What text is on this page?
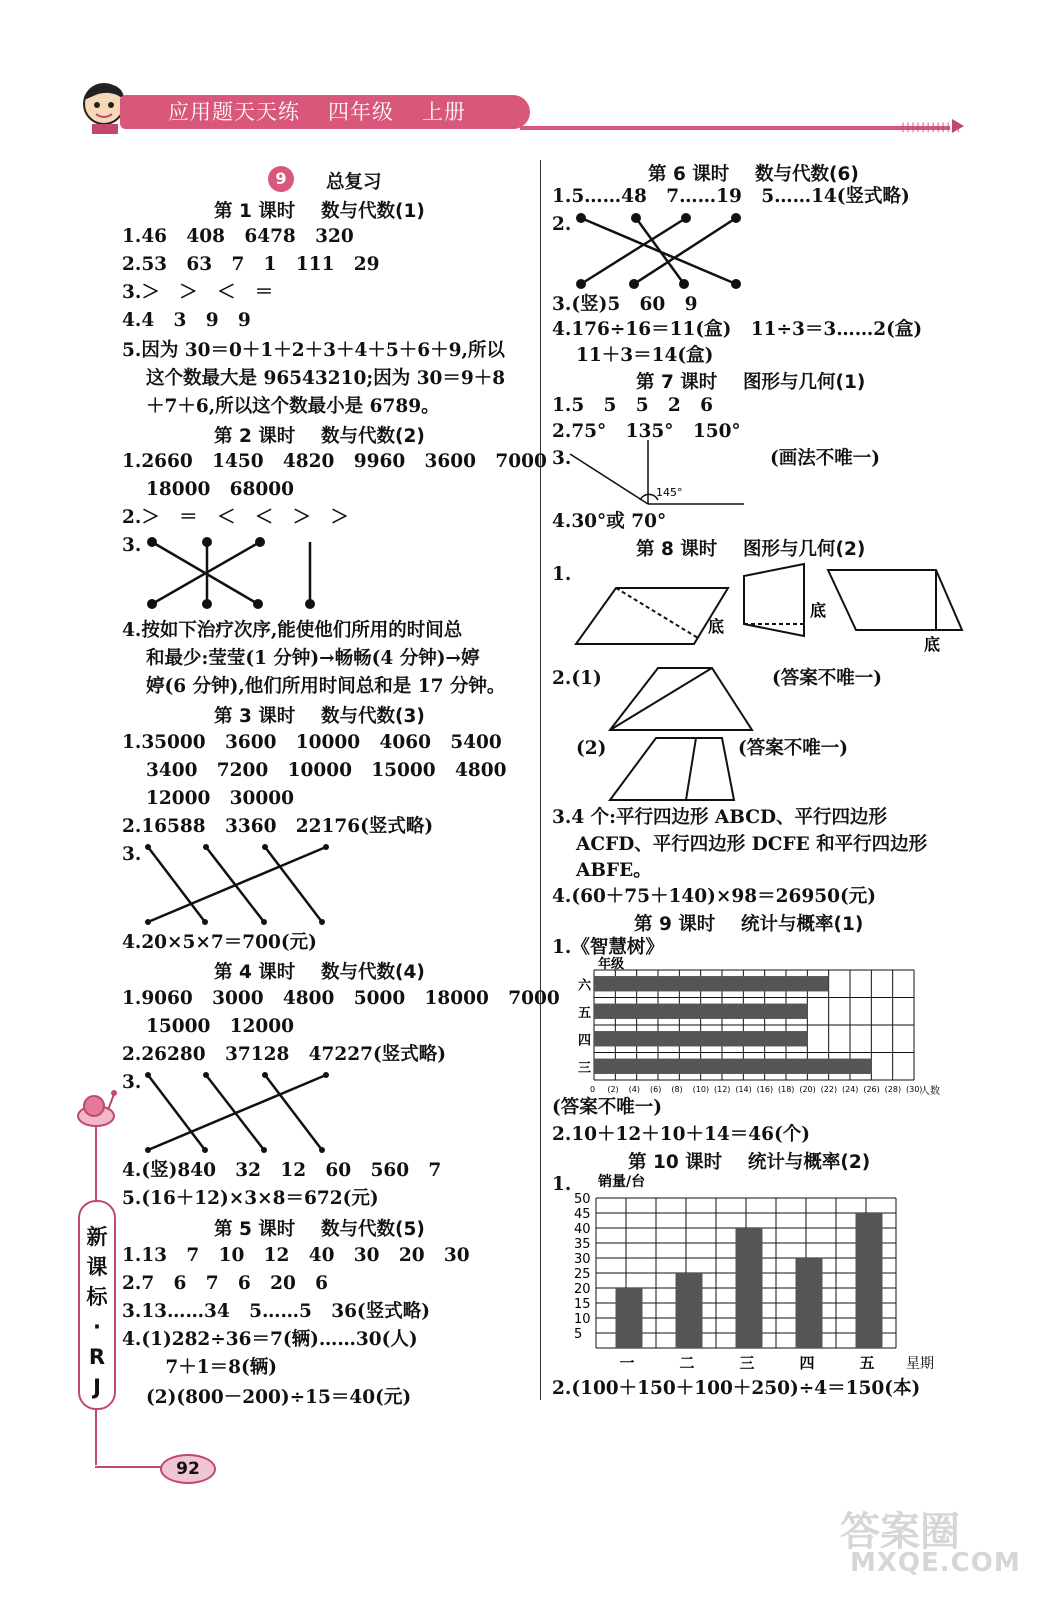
应用题天天练 四年级 上册
||||||||||||
9	总复习
第 1 课时    数与代数(1)
1.46   408   6478   320
2.53   63   7   1   111   29
3.＞   ＞   ＜   ＝
4.4   3   9   9
5.因为 30＝0＋1＋2＋3＋4＋5＋6＋9,所以
这个数最大是 96543210;因为 30＝9＋8
＋7＋6,所以这个数最小是 6789。
第 2 课时    数与代数(2)
1.2660   1450   4820   9960   3600   7000
18000   68000
2.＞   ＝   ＜   ＜   ＞   ＞
3.
4.按如下治疗次序,能使他们所用的时间总
和最少:莹莹(1 分钟)→畅畅(4 分钟)→婷
婷(6 分钟),他们所用时间总和是 17 分钟。
第 3 课时    数与代数(3)
1.35000   3600   10000   4060   5400
3400   7200   10000   15000   4800
12000   30000
2.16588   3360   22176(竖式略)
3.
4.20×5×7＝700(元)
第 4 课时    数与代数(4)
1.9060   3000   4800   5000   18000   7000
15000   12000
2.26280   37128   47227(竖式略)
3.
4.(竖)840   32   12   60   560   7
5.(16＋12)×3×8＝672(元)
第 5 课时    数与代数(5)
1.13   7   10   12   40   30   20   30
2.7   6   7   6   20   6
3.13……34   5……5   36(竖式略)
4.(1)282÷36＝7(辆)……30(人)
7＋1＝8(辆)
(2)(800－200)÷15＝40(元)
第 6 课时    数与代数(6)
1.5……48   7……19   5……14(竖式略)
2.
3.(竖)5   60   9
4.176÷16＝11(盒)   11÷3＝3……2(盒)
11＋3＝14(盒)
第 7 课时    图形与几何(1)
1.5   5   5   2   6
2.75°   135°   150°
3.	(画法不唯一)
145°
4.30°或 70°
第 8 课时    图形与几何(2)
1.
底
底
底
2.(1)	(答案不唯一)
(2)	(答案不唯一)
3.4 个:平行四边形 ABCD、平行四边形
ACFD、平行四边形 DCFE 和平行四边形
ABFE。
4.(60＋75＋140)×98＝26950(元)
第 9 课时    统计与概率(1)
1.《智慧树》
年级
三
四
五
六
0 (2) (4) (6) (8) (10) (12) (14) (16) (18) (20) (22) (24) (26) (28) (30)
人数
(答案不唯一)
2.10＋12＋10＋14＝46(个)
第 10 课时    统计与概率(2)
1. 销量/台
5
10
15
20
25
30
35
40
45
50
一	二	三	四	五 星期
2.(100＋150＋100＋250)÷4＝150(本)
新
课
标
·
R
J
92
答案圈
MXQE.COM
